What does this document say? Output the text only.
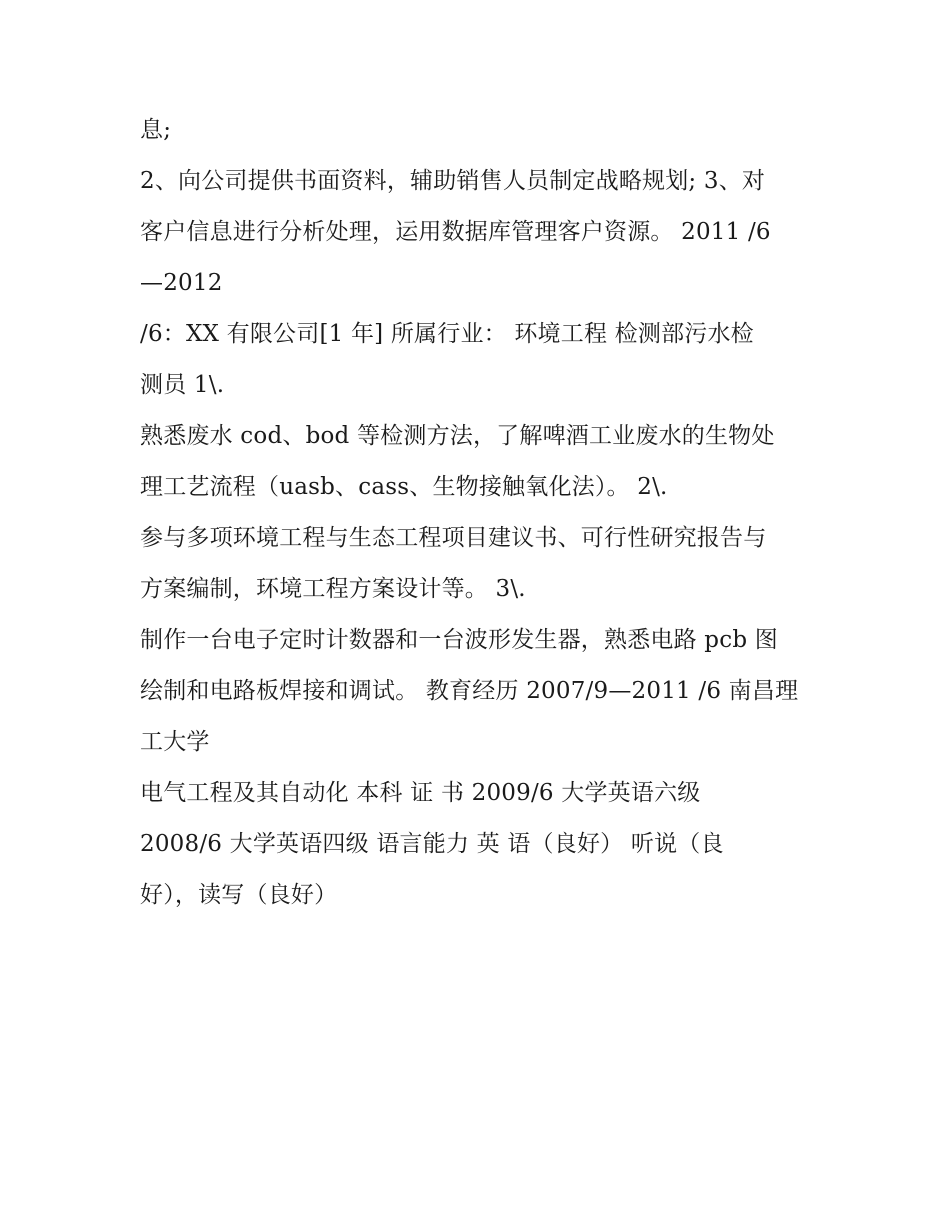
息;
2、向公司提供书面资料，辅助销售人员制定战略规划; 3、对
客户信息进行分析处理，运用数据库管理客户资源。 2011 /6
—2012
/6：XX 有限公司[1 年] 所属行业： 环境工程 检测部污水检
测员 1\.
熟悉废水 cod、bod 等检测方法，了解啤酒工业废水的生物处
理工艺流程（uasb、cass、生物接触氧化法）。 2\.
参与多项环境工程与生态工程项目建议书、可行性研究报告与
方案编制，环境工程方案设计等。 3\.
制作一台电子定时计数器和一台波形发生器，熟悉电路 pcb 图
绘制和电路板焊接和调试。 教育经历 2007/9—2011 /6 南昌理
工大学
电气工程及其自动化 本科 证 书 2009/6 大学英语六级
2008/6 大学英语四级 语言能力 英 语（良好） 听说（良
好），读写（良好）
